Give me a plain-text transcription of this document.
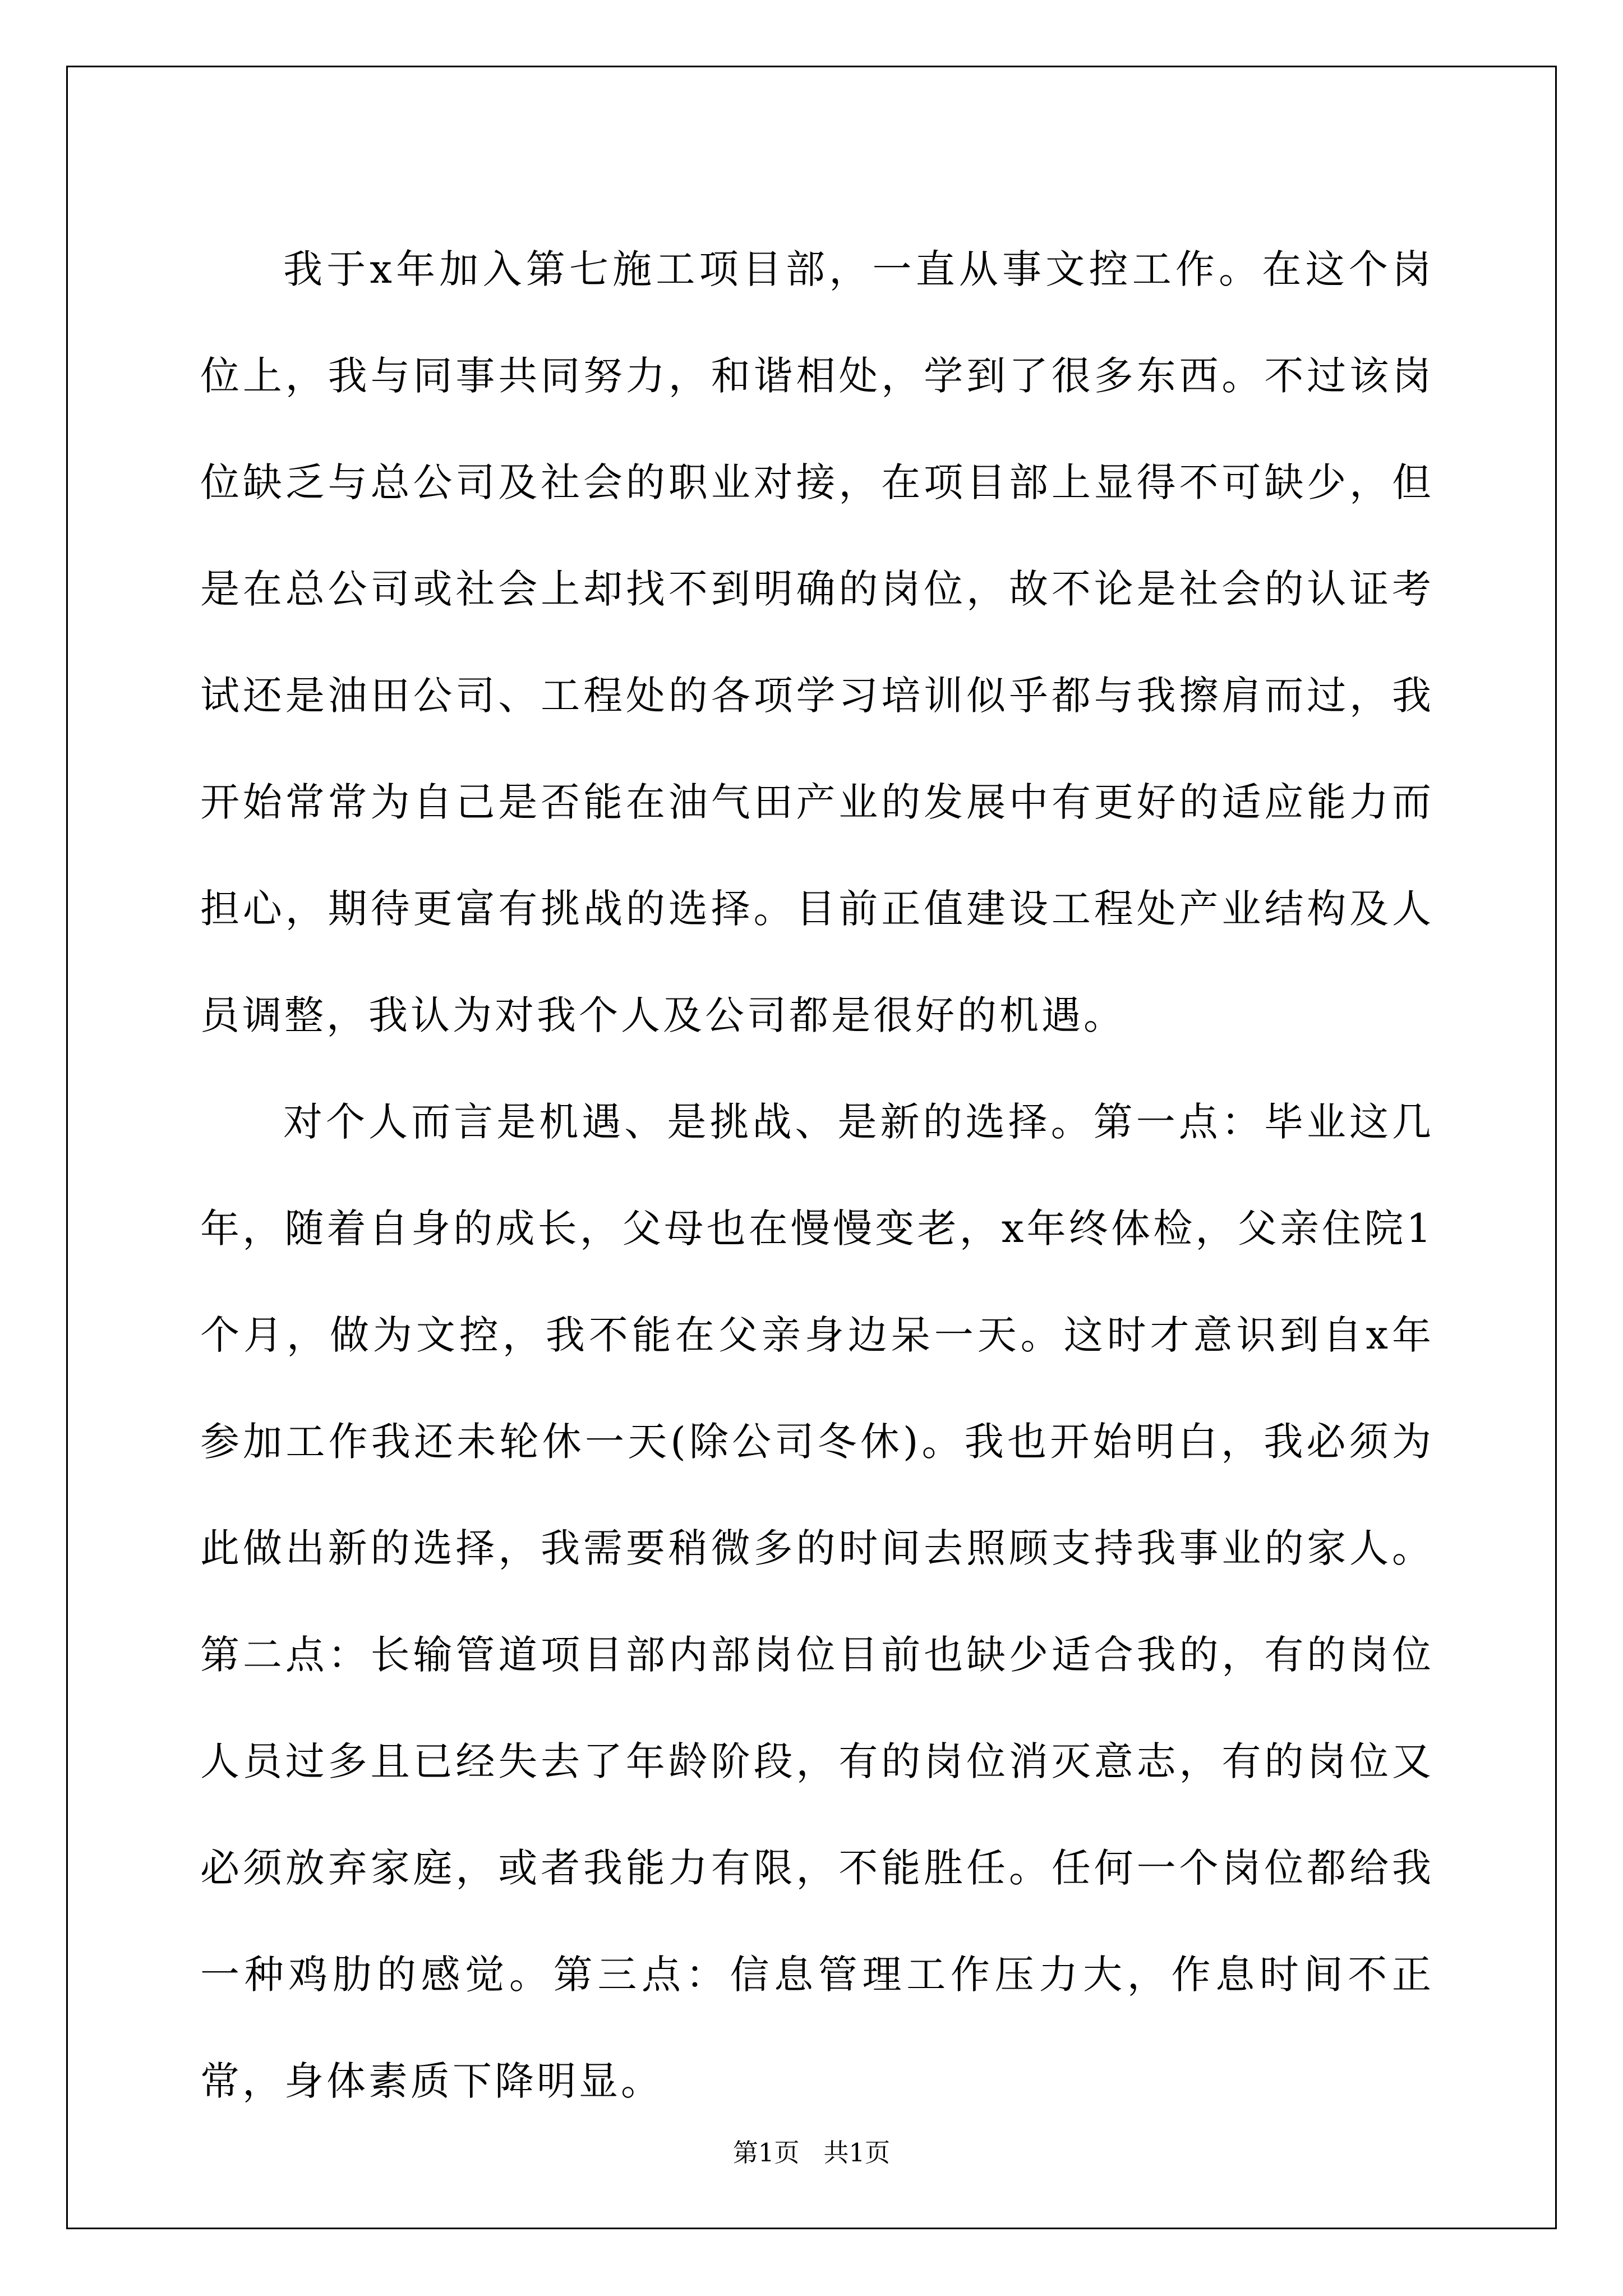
我于x年加入第七施工项目部，一直从事文控工作。在这个岗位上，我与同事共同努力，和谐相处，学到了很多东西。不过该岗位缺乏与总公司及社会的职业对接，在项目部上显得不可缺少，但是在总公司或社会上却找不到明确的岗位，故不论是社会的认证考试还是油田公司、工程处的各项学习培训似乎都与我擦肩而过，我开始常常为自己是否能在油气田产业的发展中有更好的适应能力而担心，期待更富有挑战的选择。目前正值建设工程处产业结构及人员调整，我认为对我个人及公司都是很好的机遇。

对个人而言是机遇、是挑战、是新的选择。第一点：毕业这几年，随着自身的成长，父母也在慢慢变老，x年终体检，父亲住院1个月，做为文控，我不能在父亲身边呆一天。这时才意识到自x年参加工作我还未轮休一天(除公司冬休)。我也开始明白，我必须为此做出新的选择，我需要稍微多的时间去照顾支持我事业的家人。第二点：长输管道项目部内部岗位目前也缺少适合我的，有的岗位人员过多且已经失去了年龄阶段，有的岗位消灭意志，有的岗位又必须放弃家庭，或者我能力有限，不能胜任。任何一个岗位都给我一种鸡肋的感觉。第三点：信息管理工作压力大，作息时间不正常，身体素质下降明显。

第1页   共1页
